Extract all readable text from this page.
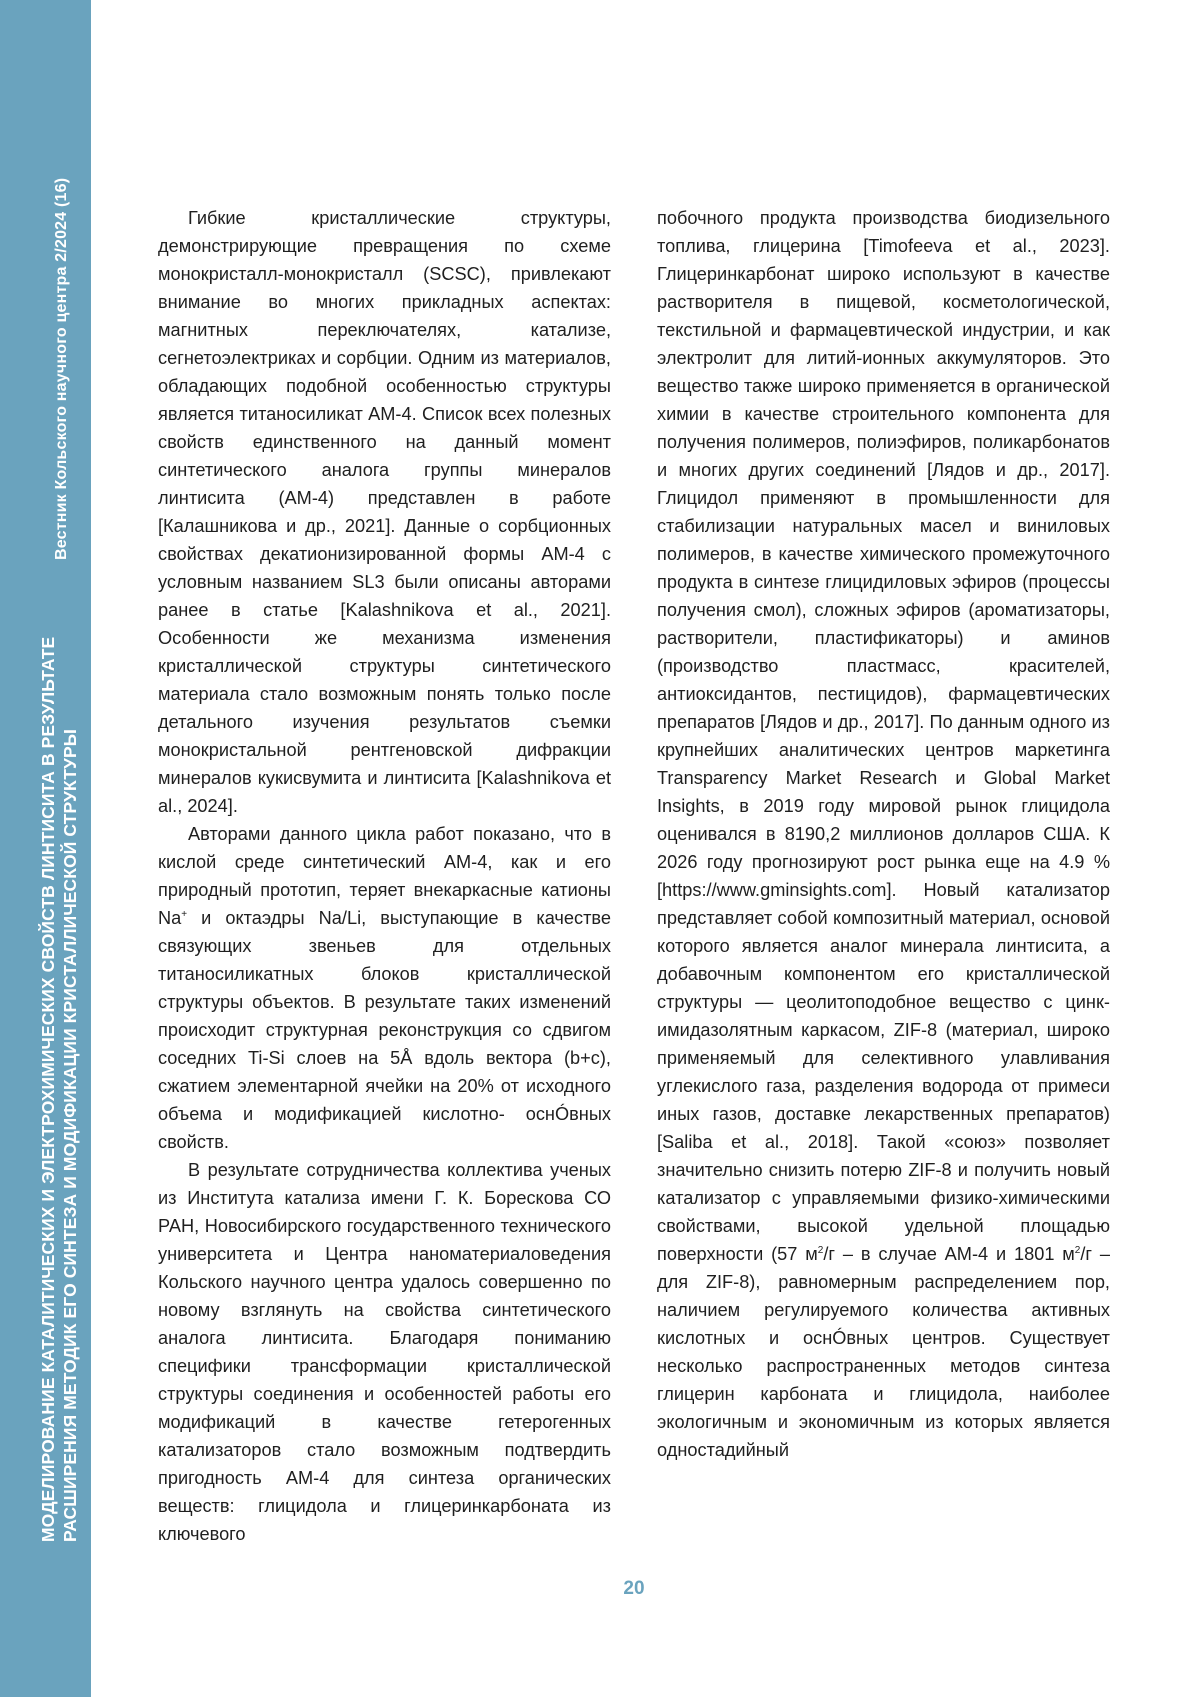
Вестник Кольского научного центра 2/2024 (16)
МОДЕЛИРОВАНИЕ КАТАЛИТИЧЕСКИХ И ЭЛЕКТРОХИМИЧЕСКИХ СВОЙСТВ ЛИНТИСИТА В РЕЗУЛЬТАТЕ РАСШИРЕНИЯ МЕТОДИК ЕГО СИНТЕЗА И МОДИФИКАЦИИ КРИСТАЛЛИЧЕСКОЙ СТРУКТУРЫ

Гибкие кристаллические структуры, демонстрирующие превращения по схеме монокристалл-монокристалл (SCSC), привлекают внимание во многих прикладных аспектах: магнитных переключателях, катализе, сегнетоэлектриках и сорбции. Одним из материалов, обладающих подобной особенностью структуры является титаносиликат АМ-4. Список всех полезных свойств единственного на данный момент синтетического аналога группы минералов линтисита (АМ-4) представлен в работе [Калашникова и др., 2021]. Данные о сорбционных свойствах декатионизированной формы АМ-4 с условным названием SL3 были описаны авторами ранее в статье [Kalashnikova et al., 2021]. Особенности же механизма изменения кристаллической структуры синтетического материала стало возможным понять только после детального изучения результатов съемки монокристальной рентгеновской дифракции минералов кукисвумита и линтисита [Kalashnikova et al., 2024].

Авторами данного цикла работ показано, что в кислой среде синтетический АМ-4, как и его природный прототип, теряет внекаркасные катионы Na+ и октаэдры Na/Li, выступающие в качестве связующих звеньев для отдельных титаносиликатных блоков кристаллической структуры объектов. В результате таких изменений происходит структурная реконструкция со сдвигом соседних Ti-Si слоев на 5Å вдоль вектора (b+c), сжатием элементарной ячейки на 20% от исходного объема и модификацией кислотно- оснÓвных свойств.

В результате сотрудничества коллектива ученых из Института катализа имени Г. К. Борескова СО РАН, Новосибирского государственного технического университета и Центра наноматериаловедения Кольского научного центра удалось совершенно по новому взглянуть на свойства синтетического аналога линтисита. Благодаря пониманию специфики трансформации кристаллической структуры соединения и особенностей работы его модификаций в качестве гетерогенных катализаторов стало возможным подтвердить пригодность АМ-4 для синтеза органических веществ: глицидола и глицеринкарбоната из ключевого

побочного продукта производства биодизельного топлива, глицерина [Timofeeva et al., 2023]. Глицеринкарбонат широко используют в качестве растворителя в пищевой, косметологической, текстильной и фармацевтической индустрии, и как электролит для литий-ионных аккумуляторов. Это вещество также широко применяется в органической химии в качестве строительного компонента для получения полимеров, полиэфиров, поликарбонатов и многих других соединений [Лядов и др., 2017]. Глицидол применяют в промышленности для стабилизации натуральных масел и виниловых полимеров, в качестве химического промежуточного продукта в синтезе глицидиловых эфиров (процессы получения смол), сложных эфиров (ароматизаторы, растворители, пластификаторы) и аминов (производство пластмасс, красителей, антиоксидантов, пестицидов), фармацевтических препаратов [Лядов и др., 2017]. По данным одного из крупнейших аналитических центров маркетинга Transparency Market Research и Global Market Insights, в 2019 году мировой рынок глицидола оценивался в 8190,2 миллионов долларов США. К 2026 году прогнозируют рост рынка еще на 4.9 % [https://www.gminsights.com]. Новый катализатор представляет собой композитный материал, основой которого является аналог минерала линтисита, а добавочным компонентом его кристаллической структуры — цеолитоподобное вещество с цинк-имидазолятным каркасом, ZIF-8 (материал, широко применяемый для селективного улавливания углекислого газа, разделения водорода от примеси иных газов, доставке лекарственных препаратов) [Saliba et al., 2018]. Такой «союз» позволяет значительно снизить потерю ZIF-8 и получить новый катализатор с управляемыми физико-химическими свойствами, высокой удельной площадью поверхности (57 $м^2/г$ – в случае АМ-4 и 1801 $м^2/г$ – для ZIF-8), равномерным распределением пор, наличием регулируемого количества активных кислотных и оснÓвных центров. Существует несколько распространенных методов синтеза глицерин карбоната и глицидола, наиболее экологичным и экономичным из которых является одностадийный

20
